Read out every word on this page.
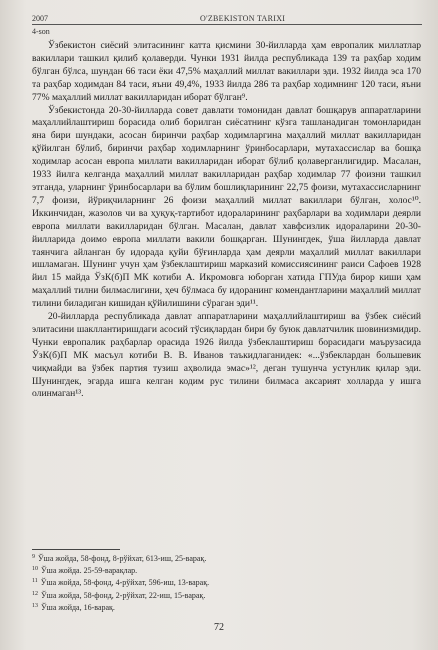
2007	O'ZBEKISTON TARIXI
4-son

Ўзбекистон сиёсий элитасининг катта қисмини 30-йилларда ҳам европалик миллатлар вакиллари ташкил қилиб қолаверди. Чунки 1931 йилда республикада 139 та раҳбар ходим бўлган бўлса, шундан 66 таси ёки 47,5% маҳаллий миллат вакиллари эди. 1932 йилда эса 170 та раҳбар ходимдан 84 таси, яъни 49,4%, 1933 йилда 286 та раҳбар ходимнинг 120 таси, яъни 77% маҳаллий миллат вакилларидан иборат бўлган⁹.

Ўзбекистонда 20-30-йилларда совет давлати томонидан давлат бошқарув аппаратларини маҳаллийлаштириш борасида олиб борилган сиёсатнинг кўзга ташланадиган томонларидан яна бири шундаки, асосан биринчи раҳбар ходимларгина маҳаллий миллат вакилларидан қўйилган бўлиб, биринчи раҳбар ходимларнинг ўринбосарлари, мутахассислар ва бошқа ходимлар асосан европа миллати вакилларидан иборат бўлиб қолаверганлигидир. Масалан, 1933 йилга келганда маҳаллий миллат вакилларидан раҳбар ходимлар 77 фоизни ташкил этганда, уларнинг ўринбосарлари ва бўлим бошлиқларининг 22,75 фоизи, мутахассисларнинг 7,7 фоизи, йўриқчиларнинг 26 фоизи маҳаллий миллат вакиллари бўлган, холос¹⁰. Иккинчидан, жазолов чи ва ҳуқуқ-тартибот идораларининг раҳбарлари ва ходимлари деярли европа миллати вакилларидан бўлган. Масалан, давлат хавфсизлик идораларини 20-30-йилларида доимо европа миллати вакили бошқарган. Шунингдек, ўша йилларда давлат таянчига айланган бу идорада қуйи бўғинларда ҳам деярли маҳаллий миллат вакиллари ишламаган. Шунинг учун ҳам ўзбеклаштириш марказий комиссиясининг раиси Сафоев 1928 йил 15 майда ЎзК(б)П МК котиби А. Икромовга юборган хатида ГПУда бирор киши ҳам маҳаллий тилни билмаслигини, ҳеч бўлмаса бу идоранинг комендантларини маҳаллий миллат тилини биладиган кишидан қўйилишини сўраган эди¹¹.

20-йилларда республикада давлат аппаратларини маҳаллийлаштириш ва ўзбек сиёсий элитасини шакллантиришдаги асосий тўсиқлардан бири бу буюк давлатчилик шовинизмидир. Чунки европалик раҳбарлар орасида 1926 йилда ўзбеклаштириш борасидаги маърузасида ЎзК(б)П МК масъул котиби В. В. Иванов таъкидлаганидек: «...ўзбеклардан большевик чиқмайди ва ўзбек партия тузиш аҳволида эмас»¹², деган тушунча устунлик қилар эди. Шунингдек, эгарда ишга келган кодим рус тилини билмаса аксарият холларда у ишга олинмаган¹³.

$^9$ Ўша жойда, 58-фонд, 8-рўйхат, 613-иш, 25-варақ.
$^{10}$ Ўша жойда. 25-59-варақлар.
$^{11}$ Ўша жойда, 58-фонд, 4-рўйхат, 596-иш, 13-варақ.
$^{12}$ Ўша жойда, 58-фонд, 2-рўйхат, 22-иш, 15-варақ.
$^{13}$ Ўша жойда, 16-варақ.
72
